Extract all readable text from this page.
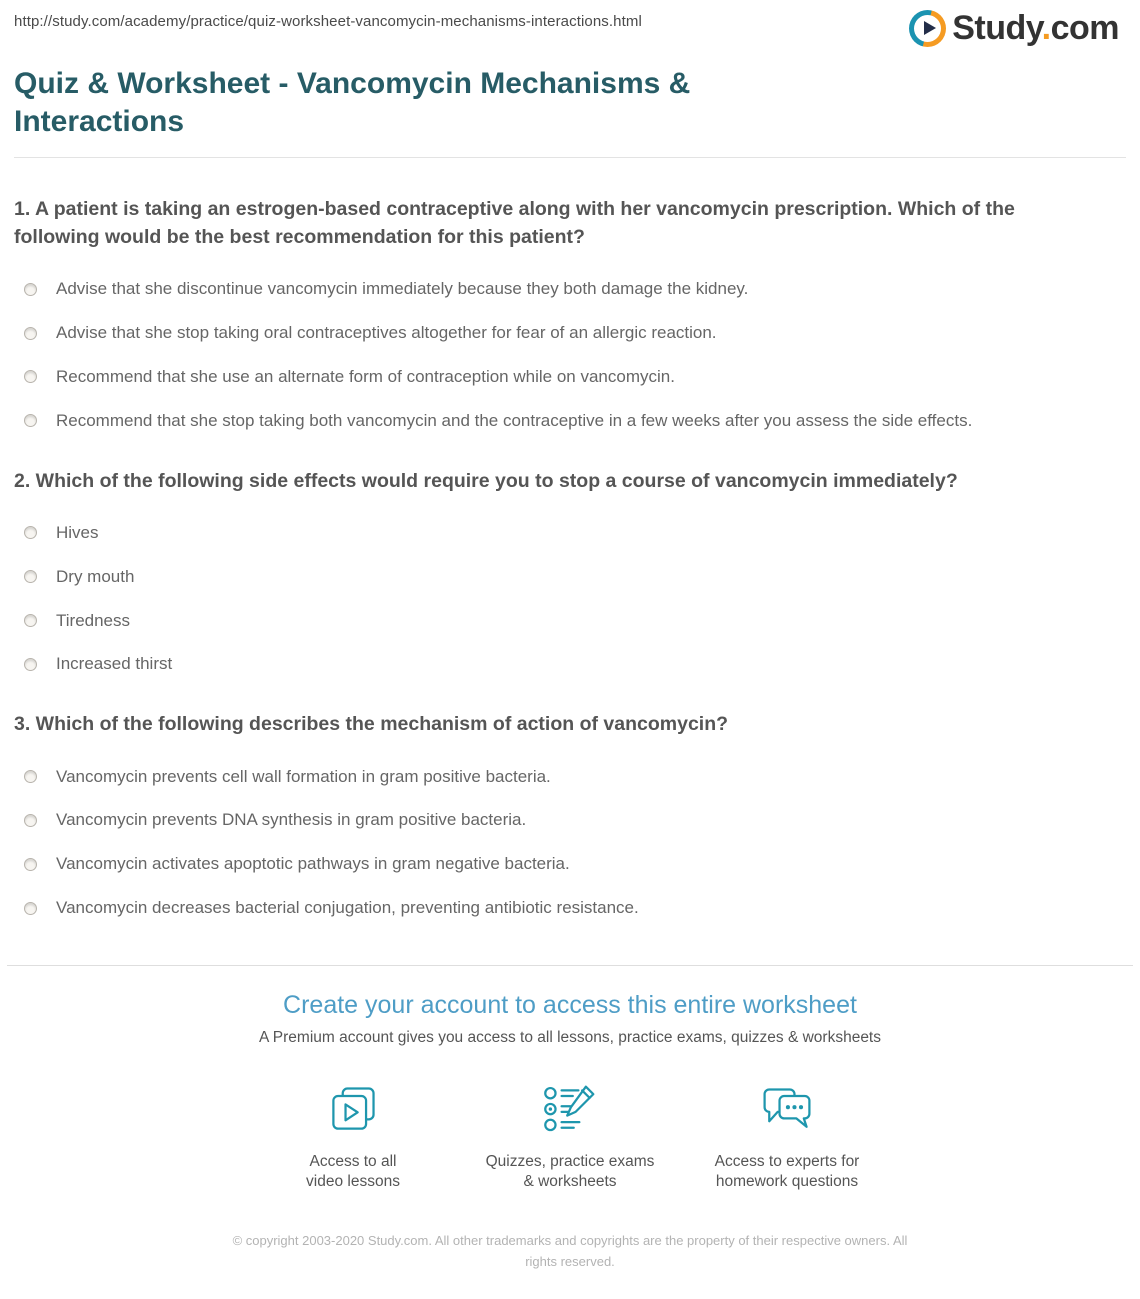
http://study.com/academy/practice/quiz-worksheet-vancomycin-mechanisms-interactions.html	Study.com
Quiz & Worksheet - Vancomycin Mechanisms & Interactions
1. A patient is taking an estrogen-based contraceptive along with her vancomycin prescription. Which of the following would be the best recommendation for this patient?
Advise that she discontinue vancomycin immediately because they both damage the kidney.
Advise that she stop taking oral contraceptives altogether for fear of an allergic reaction.
Recommend that she use an alternate form of contraception while on vancomycin.
Recommend that she stop taking both vancomycin and the contraceptive in a few weeks after you assess the side effects.
2. Which of the following side effects would require you to stop a course of vancomycin immediately?
Hives
Dry mouth
Tiredness
Increased thirst
3. Which of the following describes the mechanism of action of vancomycin?
Vancomycin prevents cell wall formation in gram positive bacteria.
Vancomycin prevents DNA synthesis in gram positive bacteria.
Vancomycin activates apoptotic pathways in gram negative bacteria.
Vancomycin decreases bacterial conjugation, preventing antibiotic resistance.
Create your account to access this entire worksheet
A Premium account gives you access to all lessons, practice exams, quizzes & worksheets
Access to all
video lessons
Quizzes, practice exams
& worksheets
Access to experts for
homework questions
© copyright 2003-2020 Study.com. All other trademarks and copyrights are the property of their respective owners. All rights reserved.
